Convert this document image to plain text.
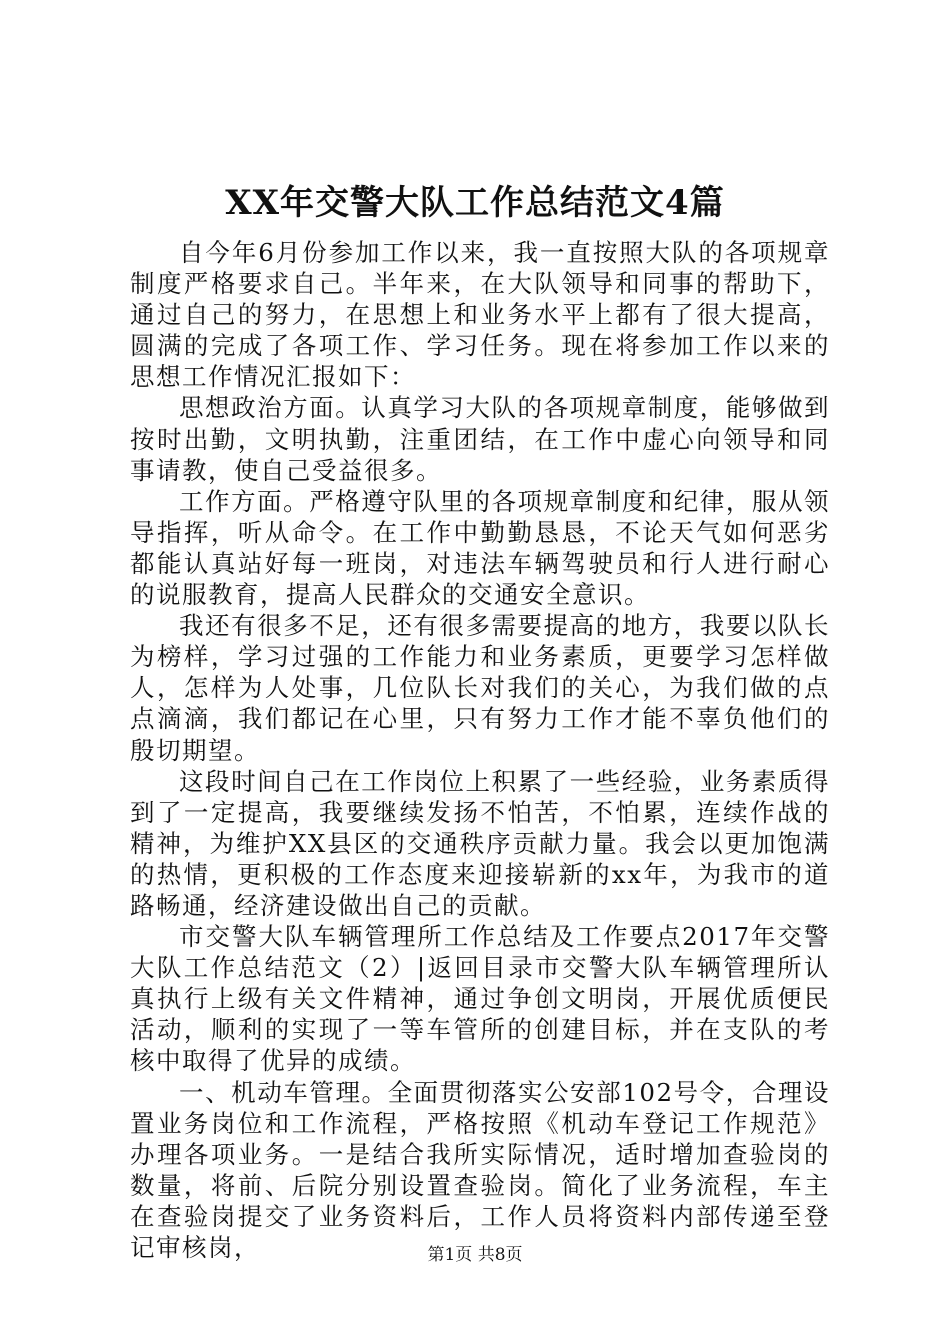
XX年交警大队工作总结范文4篇

自今年6月份参加工作以来，我一直按照大队的各项规章制度严格要求自己。半年来，在大队领导和同事的帮助下，通过自己的努力，在思想上和业务水平上都有了很大提高，圆满的完成了各项工作、学习任务。现在将参加工作以来的思想工作情况汇报如下：

思想政治方面。认真学习大队的各项规章制度，能够做到按时出勤，文明执勤，注重团结，在工作中虚心向领导和同事请教，使自己受益很多。

工作方面。严格遵守队里的各项规章制度和纪律，服从领导指挥，听从命令。在工作中勤勤恳恳，不论天气如何恶劣都能认真站好每一班岗，对违法车辆驾驶员和行人进行耐心的说服教育，提高人民群众的交通安全意识。

我还有很多不足，还有很多需要提高的地方，我要以队长为榜样，学习过强的工作能力和业务素质，更要学习怎样做人，怎样为人处事，几位队长对我们的关心，为我们做的点点滴滴，我们都记在心里，只有努力工作才能不辜负他们的殷切期望。

这段时间自己在工作岗位上积累了一些经验，业务素质得到了一定提高，我要继续发扬不怕苦，不怕累，连续作战的精神，为维护XX县区的交通秩序贡献力量。我会以更加饱满的热情，更积极的工作态度来迎接崭新的xx年，为我市的道路畅通，经济建设做出自己的贡献。

市交警大队车辆管理所工作总结及工作要点2017年交警大队工作总结范文（2）|返回目录市交警大队车辆管理所认真执行上级有关文件精神，通过争创文明岗，开展优质便民活动，顺利的实现了一等车管所的创建目标，并在支队的考核中取得了优异的成绩。

一、机动车管理。全面贯彻落实公安部102号令，合理设置业务岗位和工作流程，严格按照《机动车登记工作规范》办理各项业务。一是结合我所实际情况，适时增加查验岗的数量，将前、后院分别设置查验岗。简化了业务流程，车主在查验岗提交了业务资料后，工作人员将资料内部传递至登记审核岗，	第1页 共8页
